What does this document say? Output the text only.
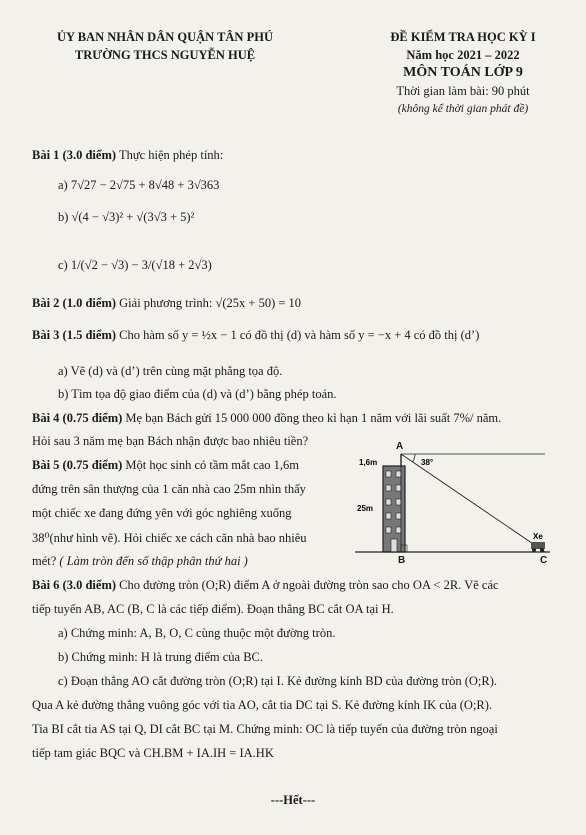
ỦY BAN NHÂN DÂN QUẬN TÂN PHÚ
TRƯỜNG THCS NGUYỄN HUỆ
ĐỀ KIỂM TRA HỌC KỲ I
Năm học 2021 – 2022
MÔN TOÁN LỚP 9
Thời gian làm bài: 90 phút
(không kể thời gian phát đề)
Bài 1 (3.0 điểm) Thực hiện phép tính:
a) 7√27 − 2√75 + 8√48 + 3√363
b) √(4 − √3)² + √(3√3 + 5)²
c) 1/(√2 − √3) − 3/(√18 + 2√3)
Bài 2 (1.0 điểm) Giải phương trình: √(25x + 50) = 10
Bài 3 (1.5 điểm) Cho hàm số y = ½x − 1 có đồ thị (d) và hàm số y = −x + 4 có đồ thị (d’)
a) Vẽ (d) và (d’) trên cùng mặt phẳng tọa độ.
b) Tìm tọa độ giao điểm của (d) và (d’) bằng phép toán.
Bài 4 (0.75 điểm) Mẹ bạn Bách gửi 15 000 000 đồng theo kì hạn 1 năm với lãi suất 7%/ năm.
Hỏi sau 3 năm mẹ bạn Bách nhận được bao nhiêu tiền?
Bài 5 (0.75 điểm) Một học sinh có tầm mắt cao 1,6m
đứng trên sân thượng của 1 căn nhà cao 25m nhìn thấy
một chiếc xe đang đứng yên với góc nghiêng xuống
38⁰(như hình vẽ). Hỏi chiếc xe cách căn nhà bao nhiêu
mét? ( Làm tròn đến số thập phân thứ hai )
1,6m
25m
38°
Xe
A
B	C
Bài 6 (3.0 điểm) Cho đường tròn (O;R) điểm A ở ngoài đường tròn sao cho OA < 2R. Vẽ các
tiếp tuyến AB, AC (B, C là các tiếp điểm). Đoạn thẳng BC cắt OA tại H.
a) Chứng minh: A, B, O, C cùng thuộc một đường tròn.
b) Chứng minh: H là trung điểm của BC.
c) Đoạn thẳng AO cắt đường tròn (O;R) tại I. Kẻ đường kính BD của đường tròn (O;R).
Qua A kẻ đường thẳng vuông góc với tia AO, cắt tia DC tại S. Kẻ đường kính IK của (O;R).
Tia BI cắt tia AS tại Q, DI cắt BC tại M. Chứng minh: OC là tiếp tuyến của đường tròn ngoại
tiếp tam giác BQC và CH.BM + IA.IH = IA.HK
---Hết---
